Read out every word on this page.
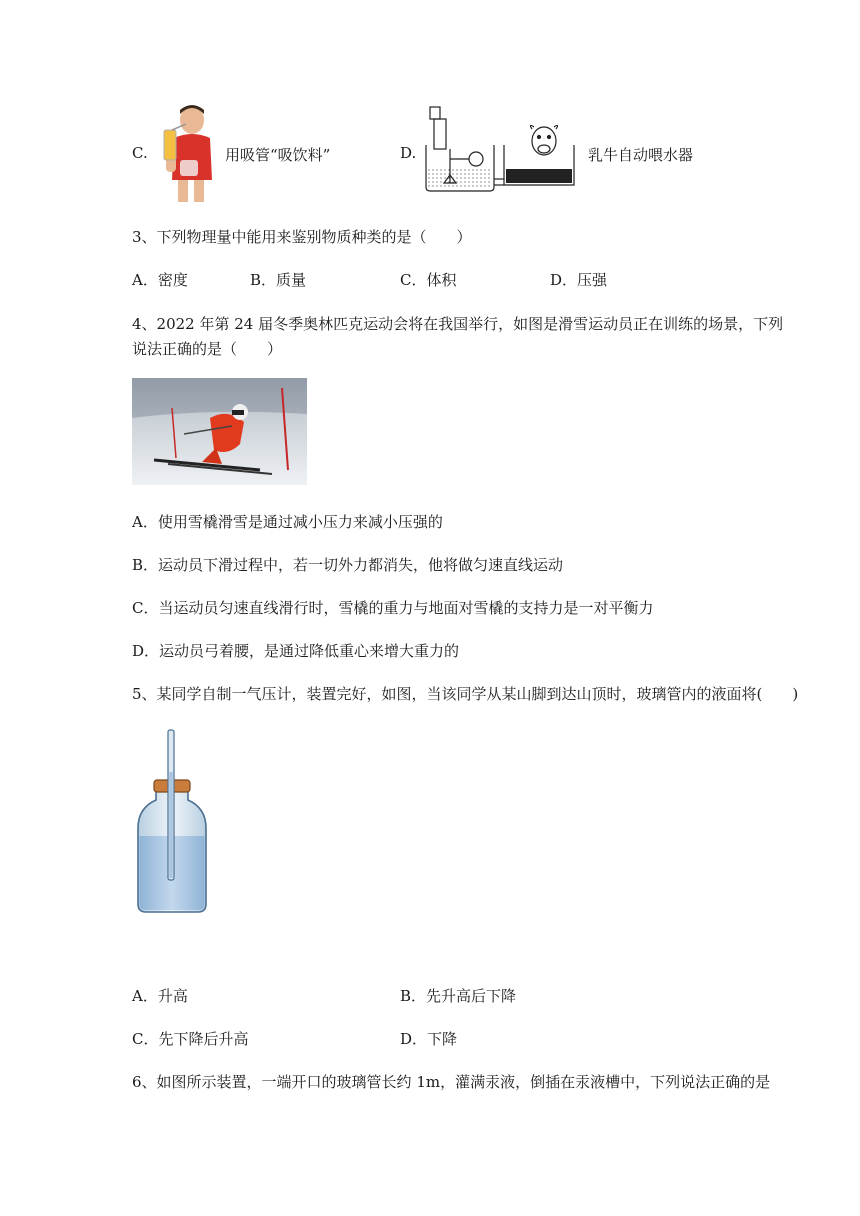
C.	用吸管“吸饮料”	D.	乳牛自动喂水器
3、下列物理量中能用来鉴别物质种类的是（　　）
A．密度	B．质量	C．体积	D．压强
4、2022 年第 24 届冬季奥林匹克运动会将在我国举行，如图是滑雪运动员正在训练的场景，下列
说法正确的是（　　）
A．使用雪橇滑雪是通过减小压力来减小压强的
B．运动员下滑过程中，若一切外力都消失，他将做匀速直线运动
C．当运动员匀速直线滑行时，雪橇的重力与地面对雪橇的支持力是一对平衡力
D．运动员弓着腰，是通过降低重心来增大重力的
5、某同学自制一气压计，装置完好，如图，当该同学从某山脚到达山顶时，玻璃管内的液面将(　　)
A．升高	B．先升高后下降
C．先下降后升高	D．下降
6、如图所示装置，一端开口的玻璃管长约 1m，灌满汞液，倒插在汞液槽中，下列说法正确的是
